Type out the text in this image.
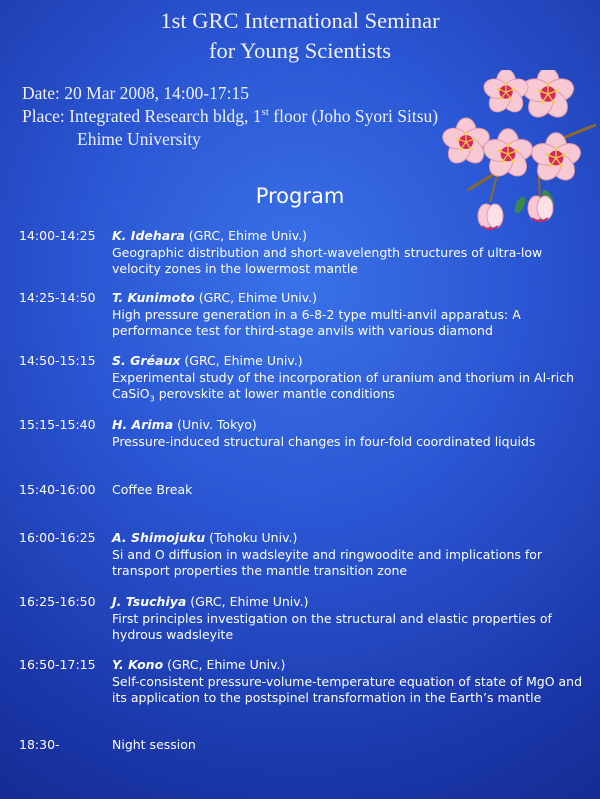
1st GRC International Seminar
for Young Scientists
Date: 20 Mar 2008, 14:00-17:15
Place: Integrated Research bldg, 1st floor (Joho Syori Sitsu)
Ehime University
Program
14:00-14:25 K. Idehara (GRC, Ehime Univ.)
Geographic distribution and short-wavelength structures of ultra-low velocity zones in the lowermost mantle
14:25-14:50 T. Kunimoto (GRC, Ehime Univ.)
High pressure generation in a 6-8-2 type multi-anvil apparatus: A performance test for third-stage anvils with various diamond
14:50-15:15 S. Gréaux (GRC, Ehime Univ.)
Experimental study of the incorporation of uranium and thorium in Al-rich CaSiO$_3$ perovskite at lower mantle conditions
15:15-15:40 H. Arima (Univ. Tokyo)
Pressure-induced structural changes in four-fold coordinated liquids
15:40-16:00 Coffee Break
16:00-16:25 A. Shimojuku (Tohoku Univ.)
Si and O diffusion in wadsleyite and ringwoodite and implications for transport properties the mantle transition zone
16:25-16:50 J. Tsuchiya (GRC, Ehime Univ.)
First principles investigation on the structural and elastic properties of hydrous wadsleyite
16:50-17:15 Y. Kono (GRC, Ehime Univ.)
Self-consistent pressure-volume-temperature equation of state of MgO and its application to the postspinel transformation in the Earth’s mantle
18:30-	Night session
